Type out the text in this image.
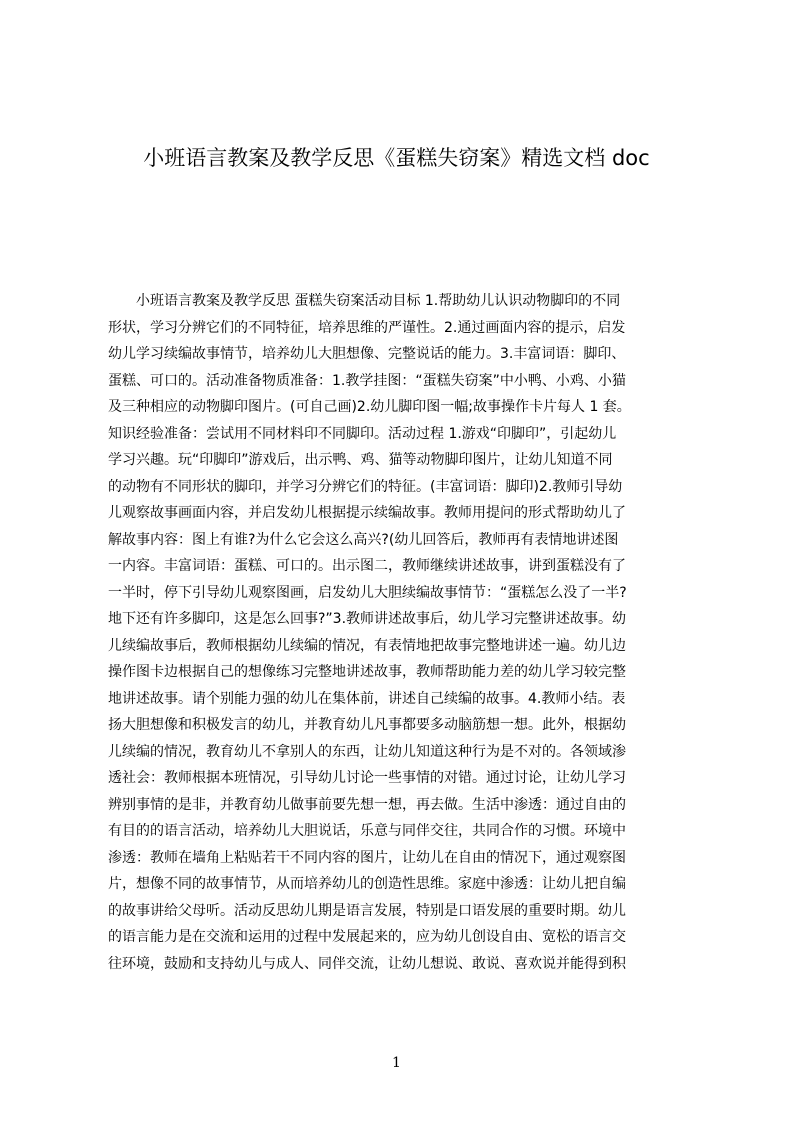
小班语言教案及教学反思《蛋糕失窃案》精选文档 doc
　　小班语言教案及教学反思 蛋糕失窃案活动目标 1.帮助幼儿认识动物脚印的不同
形状，学习分辨它们的不同特征，培养思维的严谨性。2.通过画面内容的提示，启发
幼儿学习续编故事情节，培养幼儿大胆想像、完整说话的能力。3.丰富词语：脚印、
蛋糕、可口的。活动准备物质准备：1.教学挂图：“蛋糕失窃案”中小鸭、小鸡、小猫
及三种相应的动物脚印图片。(可自己画)2.幼儿脚印图一幅;故事操作卡片每人 1 套。
知识经验准备：尝试用不同材料印不同脚印。活动过程 1.游戏“印脚印”，引起幼儿
学习兴趣。玩“印脚印”游戏后，出示鸭、鸡、猫等动物脚印图片，让幼儿知道不同
的动物有不同形状的脚印，并学习分辨它们的特征。(丰富词语：脚印)2.教师引导幼
儿观察故事画面内容，并启发幼儿根据提示续编故事。教师用提问的形式帮助幼儿了
解故事内容：图上有谁?为什么它会这么高兴?(幼儿回答后，教师再有表情地讲述图
一内容。丰富词语：蛋糕、可口的。出示图二，教师继续讲述故事，讲到蛋糕没有了
一半时，停下引导幼儿观察图画，启发幼儿大胆续编故事情节：“蛋糕怎么没了一半?
地下还有许多脚印，这是怎么回事?”3.教师讲述故事后，幼儿学习完整讲述故事。幼
儿续编故事后，教师根据幼儿续编的情况，有表情地把故事完整地讲述一遍。幼儿边
操作图卡边根据自己的想像练习完整地讲述故事，教师帮助能力差的幼儿学习较完整
地讲述故事。请个别能力强的幼儿在集体前，讲述自己续编的故事。4.教师小结。表
扬大胆想像和积极发言的幼儿，并教育幼儿凡事都要多动脑筋想一想。此外，根据幼
儿续编的情况，教育幼儿不拿别人的东西，让幼儿知道这种行为是不对的。各领域渗
透社会：教师根据本班情况，引导幼儿讨论一些事情的对错。通过讨论，让幼儿学习
辨别事情的是非，并教育幼儿做事前要先想一想，再去做。生活中渗透：通过自由的
有目的的语言活动，培养幼儿大胆说话，乐意与同伴交往，共同合作的习惯。环境中
渗透：教师在墙角上粘贴若干不同内容的图片，让幼儿在自由的情况下，通过观察图
片，想像不同的故事情节，从而培养幼儿的创造性思维。家庭中渗透：让幼儿把自编
的故事讲给父母听。活动反思幼儿期是语言发展，特别是口语发展的重要时期。幼儿
的语言能力是在交流和运用的过程中发展起来的，应为幼儿创设自由、宽松的语言交
往环境，鼓励和支持幼儿与成人、同伴交流，让幼儿想说、敢说、喜欢说并能得到积
1
